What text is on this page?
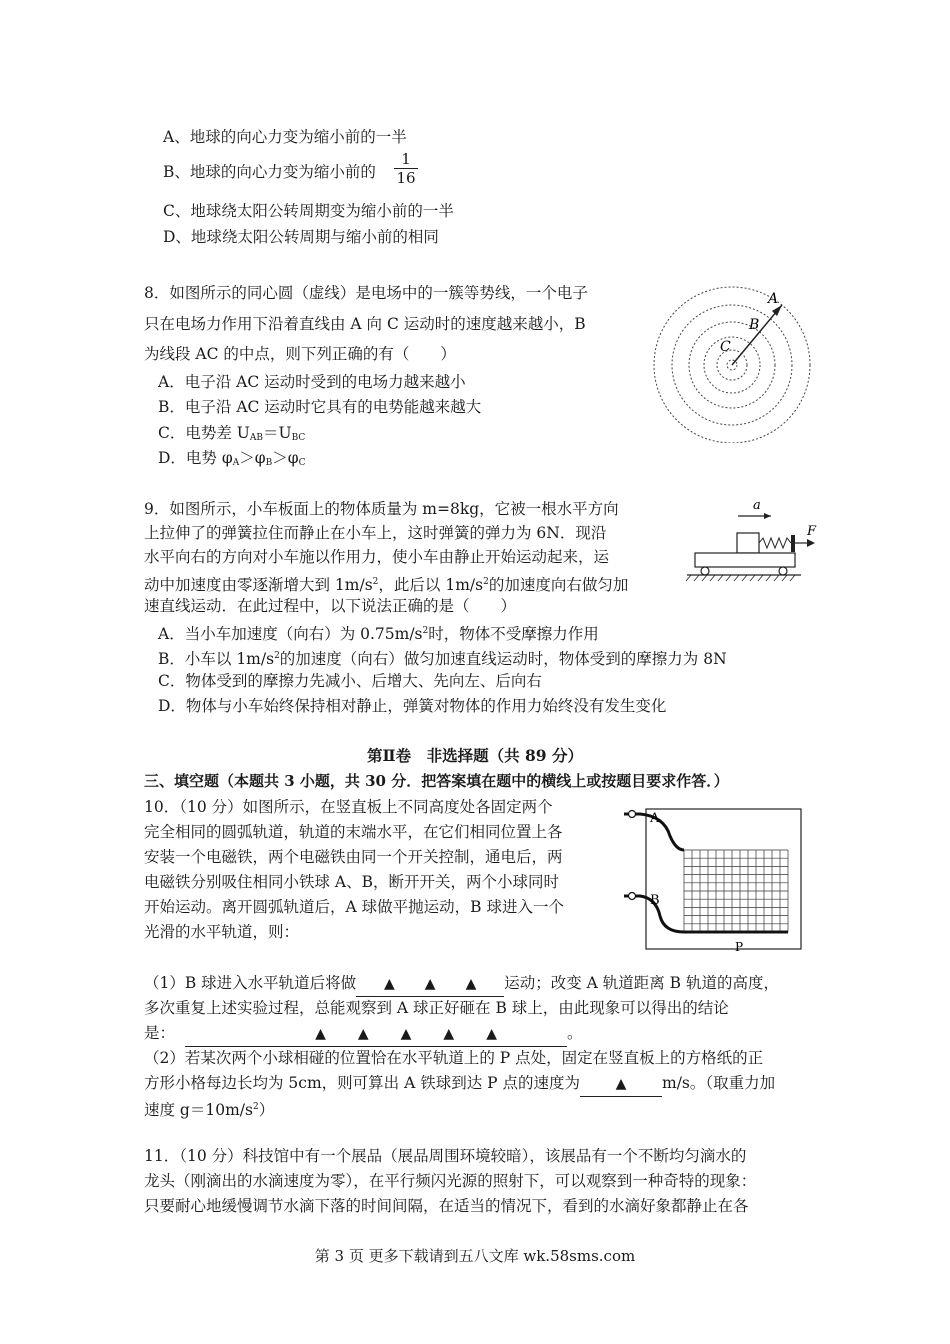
A、地球的向心力变为缩小前的一半
B、地球的向心力变为缩小前的
1
16
C、地球绕太阳公转周期变为缩小前的一半
D、地球绕太阳公转周期与缩小前的相同
8．如图所示的同心圆（虚线）是电场中的一簇等势线，一个电子
只在电场力作用下沿着直线由 A 向 C 运动时的速度越来越小，B
为线段 AC 的中点，则下列正确的有（　　）
A．电子沿 AC 运动时受到的电场力越来越小
B．电子沿 AC 运动时它具有的电势能越来越大
C．电势差 $U_{AB}=U_{BC}$
D．电势 $\varphi_A>\varphi_B>\varphi_C$
A
B
C
9．如图所示，小车板面上的物体质量为 m=8kg，它被一根水平方向
上拉伸了的弹簧拉住而静止在小车上，这时弹簧的弹力为 6N．现沿
水平向右的方向对小车施以作用力，使小车由静止开始运动起来，运
动中加速度由零逐渐增大到 $1m/s^2$，此后以 $1m/s^2$的加速度向右做匀加
速直线运动．在此过程中，以下说法正确的是（　　）
A．当小车加速度（向右）为 $0.75m/s^2$时，物体不受摩擦力作用
B．小车以 $1m/s^2$的加速度（向右）做匀加速直线运动时，物体受到的摩擦力为 8N
C．物体受到的摩擦力先减小、后增大、先向左、后向右
D．物体与小车始终保持相对静止，弹簧对物体的作用力始终没有发生变化
a
F
第Ⅱ卷　非选择题（共 89 分）
三、填空题（本题共 3 小题，共 30 分．把答案填在题中的横线上或按题目要求作答．）
10．（10 分）如图所示，在竖直板上不同高度处各固定两个
完全相同的圆弧轨道，轨道的末端水平，在它们相同位置上各
安装一个电磁铁，两个电磁铁由同一个开关控制，通电后，两
电磁铁分别吸住相同小铁球 A、B，断开开关，两个小球同时
开始运动。离开圆弧轨道后，A 球做平抛运动，B 球进入一个
光滑的水平轨道，则：
A
B
P
（1）B 球进入水平轨道后将做 ▲ ▲ ▲ 运动；改变 A 轨道距离 B 轨道的高度，
多次重复上述实验过程，总能观察到 A 球正好砸在 B 球上，由此现象可以得出的结论
是：	▲ ▲ ▲ ▲ ▲	。
（2）若某次两个小球相碰的位置恰在水平轨道上的 P 点处，固定在竖直板上的方格纸的正
方形小格每边长均为 5cm，则可算出 A 铁球到达 P 点的速度为	▲ m/s。（取重力加
速度 $g=10m/s^2$）
11．（10 分）科技馆中有一个展品（展品周围环境较暗），该展品有一个不断均匀滴水的
龙头（刚滴出的水滴速度为零），在平行频闪光源的照射下，可以观察到一种奇特的现象：
只要耐心地缓慢调节水滴下落的时间间隔，在适当的情况下，看到的水滴好象都静止在各
第 3 页 更多下载请到五八文库 wk.58sms.com
